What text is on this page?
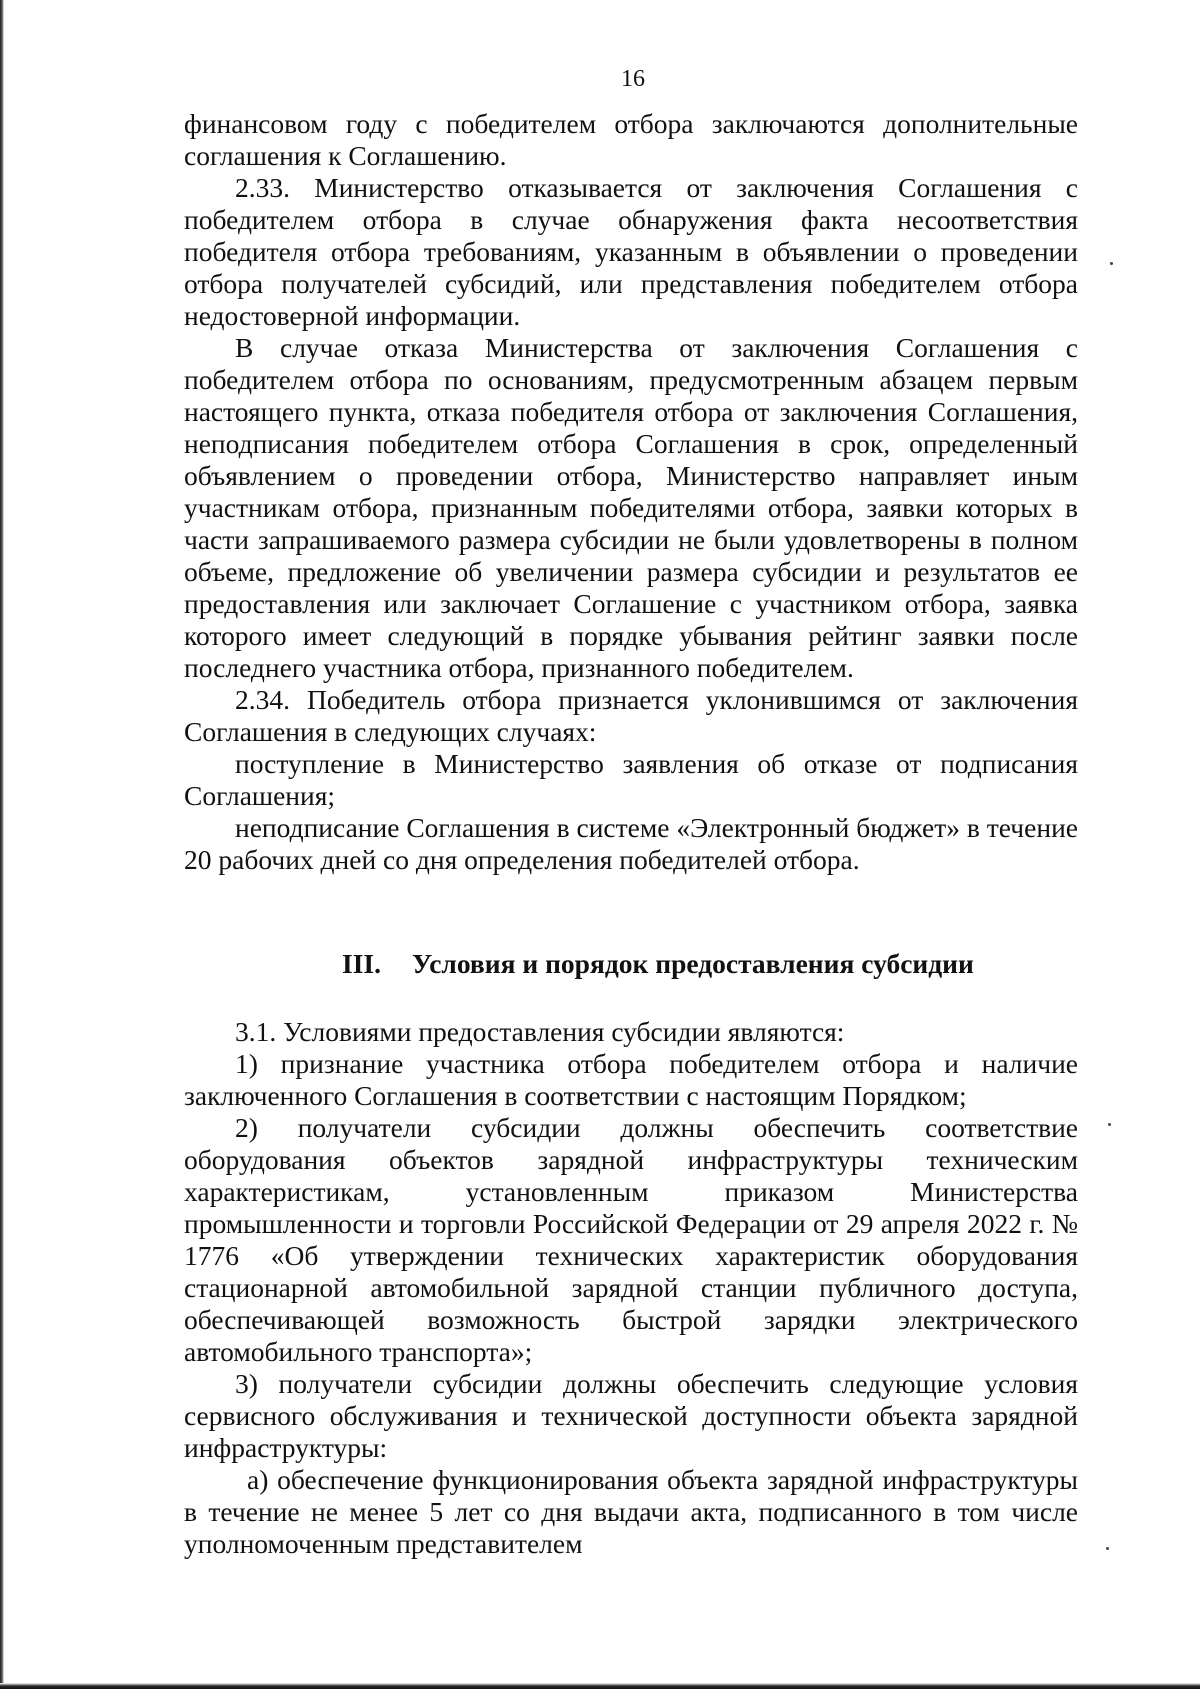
16

финансовом году с победителем отбора заключаются дополнительные соглашения к Соглашению.

2.33. Министерство отказывается от заключения Соглашения с победителем отбора в случае обнаружения факта несоответствия победителя отбора требованиям, указанным в объявлении о проведении отбора получателей субсидий, или представления победителем отбора недостоверной информации.

В случае отказа Министерства от заключения Соглашения с победителем отбора по основаниям, предусмотренным абзацем первым настоящего пункта, отказа победителя отбора от заключения Соглашения, неподписания победителем отбора Соглашения в срок, определенный объявлением о проведении отбора, Министерство направляет иным участникам отбора, признанным победителями отбора, заявки которых в части запрашиваемого размера субсидии не были удовлетворены в полном объеме, предложение об увеличении размера субсидии и результатов ее предоставления или заключает Соглашение с участником отбора, заявка которого имеет следующий в порядке убывания рейтинг заявки после последнего участника отбора, признанного победителем.

2.34. Победитель отбора признается уклонившимся от заключения Соглашения в следующих случаях:

поступление в Министерство заявления об отказе от подписания Соглашения;

неподписание Соглашения в системе «Электронный бюджет» в течение 20 рабочих дней со дня определения победителей отбора.

III. Условия и порядок предоставления субсидии

3.1. Условиями предоставления субсидии являются:

1) признание участника отбора победителем отбора и наличие заключенного Соглашения в соответствии с настоящим Порядком;

2) получатели субсидии должны обеспечить соответствие оборудования объектов зарядной инфраструктуры техническим характеристикам, установленным приказом Министерства промышленности и торговли Российской Федерации от 29 апреля 2022 г. № 1776 «Об утверждении технических характеристик оборудования стационарной автомобильной зарядной станции публичного доступа, обеспечивающей возможность быстрой зарядки электрического автомобильного транспорта»;

3) получатели субсидии должны обеспечить следующие условия сервисного обслуживания и технической доступности объекта зарядной инфраструктуры:

а) обеспечение функционирования объекта зарядной инфраструктуры в течение не менее 5 лет со дня выдачи акта, подписанного в том числе уполномоченным представителем
